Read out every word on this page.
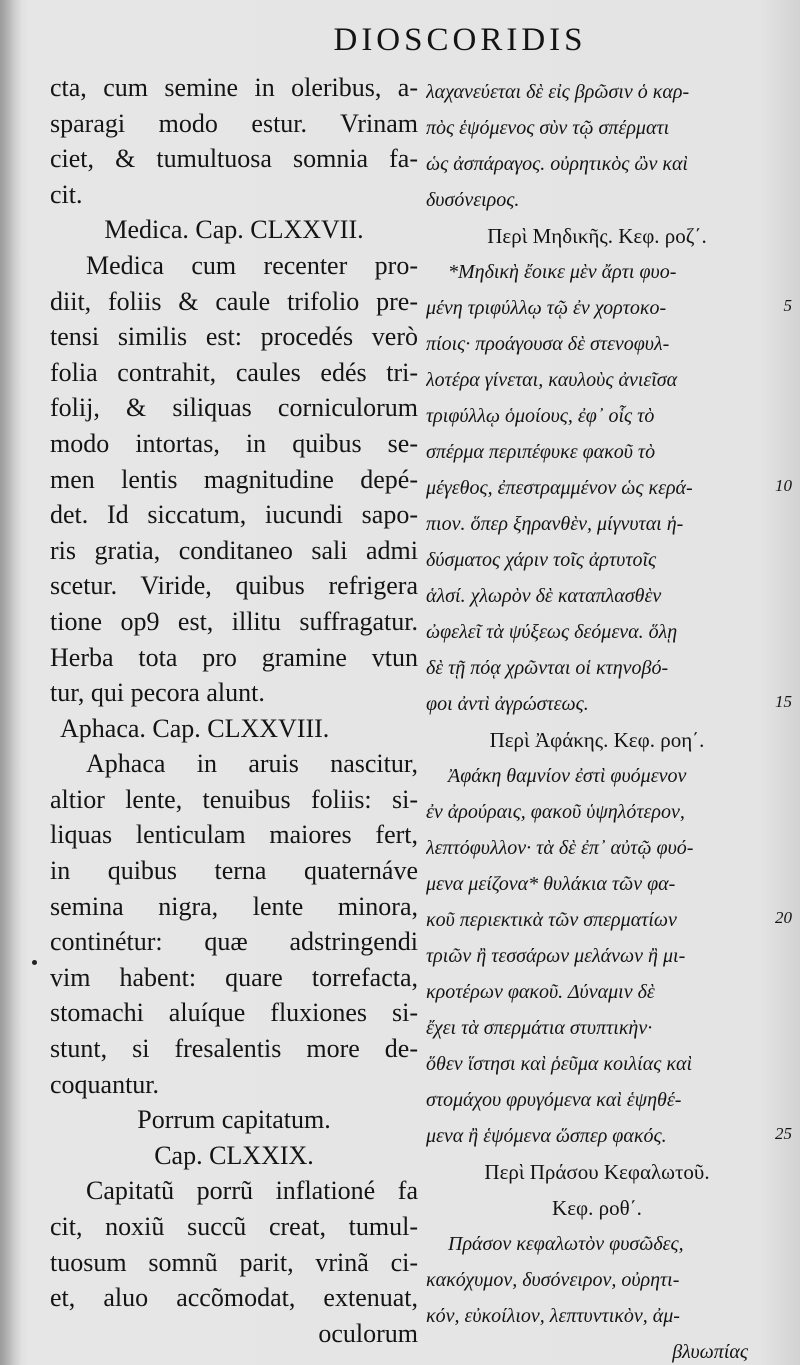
DIOSCORIDIS
cta, cum semine in oleribus, a-
sparagi modo estur. Vrinam
ciet, & tumultuosa somnia fa-
cit.
Medica. Cap. CLXXVII.
Medica cum recenter pro-
diit, foliis & caule trifolio pre-
tensi similis est: procedés verò
folia contrahit, caules edés tri-
folij, & siliquas corniculorum
modo intortas, in quibus se-
men lentis magnitudine depé-
det. Id siccatum, iucundi sapo-
ris gratia, conditaneo sali admi
scetur. Viride, quibus refrigera
tione op9 est, illitu suffragatur.
Herba tota pro gramine vtun
tur, qui pecora alunt.
Aphaca. Cap. CLXXVIII.
Aphaca in aruis nascitur,
altior lente, tenuibus foliis: si-
liquas lenticulam maiores fert,
in quibus terna quaternáve
semina nigra, lente minora,
continétur: quæ adstringendi
vim habent: quare torrefacta,
stomachi aluíque fluxiones si-
stunt, si fresalentis more de-
coquantur.
Porrum capitatum.
Cap. CLXXIX.
Capitatũ porrũ inflationé fa
cit, noxiũ succũ creat, tumul-
tuosum somnũ parit, vrinã ci-
et, aluo accõmodat, extenuat,
oculorum
λαχανεύεται δὲ εἰς βρῶσιν ὁ καρ-
πὸς ἑψόμενος σὺν τῷ σπέρματι
ὡς ἀσπάραγος. οὐρητικὸς ὢν καὶ
δυσόνειρος.
Περὶ Μηδικῆς. Κεφ. ροζ΄.
*Μηδικὴ ἔοικε μὲν ἄρτι φυο-
μένη τριφύλλῳ τῷ ἐν χορτοκο-
πίοις· προάγουσα δὲ στενοφυλ-
λοτέρα γίνεται, καυλοὺς ἀνιεῖσα
τριφύλλῳ ὁμοίους, ἐφ᾽ οἷς τὸ
σπέρμα περιπέφυκε φακοῦ τὸ
μέγεθος, ἐπεστραμμένον ὡς κερά-
πιον. ὅπερ ξηρανθὲν, μίγνυται ἡ-
δύσματος χάριν τοῖς ἀρτυτοῖς
ἁλσί. χλωρὸν δὲ καταπλασθὲν
ὠφελεῖ τὰ ψύξεως δεόμενα. ὅλῃ
δὲ τῇ πόᾳ χρῶνται οἱ κτηνοβό-
φοι ἀντὶ ἀγρώστεως.
Περὶ Ἀφάκης. Κεφ. ροη΄.
Ἀφάκη θαμνίον ἐστὶ φυόμενον
ἐν ἀρούραις, φακοῦ ὑψηλότερον,
λεπτόφυλλον· τὰ δὲ ἐπ᾽ αὐτῷ φυό-
μενα μείζονα* θυλάκια τῶν φα-
κοῦ περιεκτικὰ τῶν σπερματίων
τριῶν ἢ τεσσάρων μελάνων ἢ μι-
κροτέρων φακοῦ. Δύναμιν δὲ
ἔχει τὰ σπερμάτια στυπτικὴν·
ὅθεν ἵστησι καὶ ῥεῦμα κοιλίας καὶ
στομάχου φρυγόμενα καὶ ἑψηθέ-
μενα ἢ ἑψόμενα ὥσπερ φακός.
Περὶ Πράσου Κεφαλωτοῦ.
Κεφ. ροθ΄.
Πράσον κεφαλωτὸν φυσῶδες,
κακόχυμον, δυσόνειρον, οὐρητι-
κόν, εὐκοίλιον, λεπτυντικὸν, ἀμ-
βλυωπίας
5
10
15
20
25
